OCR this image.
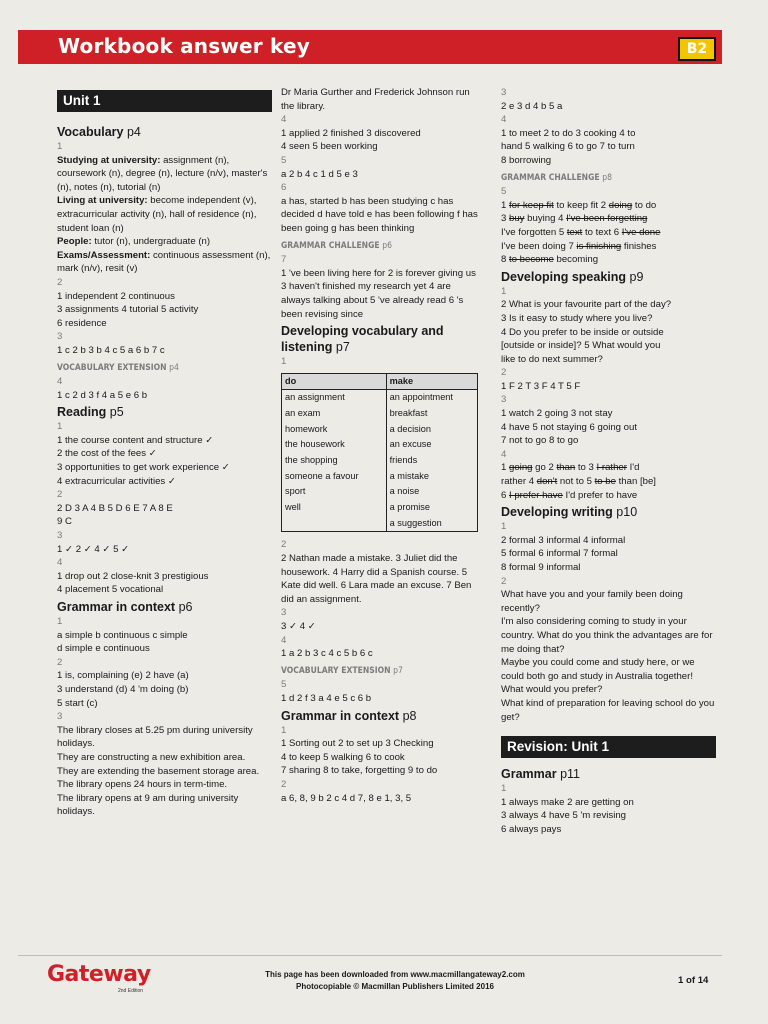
Workbook answer key	B2
Unit 1
Vocabulary p4
1
Studying at university: assignment (n), coursework (n), degree (n), lecture (n/v), master's (n), notes (n), tutorial (n)
Living at university: become independent (v), extracurricular activity (n), hall of residence (n), student loan (n)
People: tutor (n), undergraduate (n)
Exams/Assessment: continuous assessment (n), mark (n/v), resit (v)
2
1 independent 2 continuous
3 assignments 4 tutorial 5 activity
6 residence
3
1 c 2 b 3 b 4 c 5 a 6 b 7 c
VOCABULARY EXTENSION p4
4
1 c 2 d 3 f 4 a 5 e 6 b
Reading p5
1
1 the course content and structure ✓
2 the cost of the fees ✓
3 opportunities to get work experience ✓
4 extracurricular activities ✓
2
2 D 3 A 4 B 5 D 6 E 7 A 8 E
9 C
3
1 ✓ 2 ✓ 4 ✓ 5 ✓
4
1 drop out 2 close-knit 3 prestigious
4 placement 5 vocational
Grammar in context p6
1
a simple b continuous c simple
d simple e continuous
2
1 is, complaining (e) 2 have (a)
3 understand (d) 4 'm doing (b)
5 start (c)
3
The library closes at 5.25 pm during university holidays.
They are constructing a new exhibition area.
They are extending the basement storage area.
The library opens 24 hours in term-time.
The library opens at 9 am during university holidays.
Dr Maria Gurther and Frederick Johnson run the library.
4
1 applied 2 finished 3 discovered
4 seen 5 been working
5
a 2 b 4 c 1 d 5 e 3
6
a has, started b has been studying c has decided d have told e has been following f has been going g has been thinking
GRAMMAR CHALLENGE p6
7
1 've been living here for 2 is forever giving us 3 haven't finished my research yet 4 are always talking about 5 've already read 6 's been revising since
Developing vocabulary and listening p7
1
do	make
an assignment	an appointment
an exam	breakfast
homework	a decision
the housework	an excuse
the shopping	friends
someone a favour	a mistake
sport	a noise
well	a promise
	a suggestion
2
2 Nathan made a mistake. 3 Juliet did the housework. 4 Harry did a Spanish course. 5 Kate did well. 6 Lara made an excuse. 7 Ben did an assignment.
3
3 ✓ 4 ✓
4
1 a 2 b 3 c 4 c 5 b 6 c
VOCABULARY EXTENSION p7
5
1 d 2 f 3 a 4 e 5 c 6 b
Grammar in context p8
1
1 Sorting out 2 to set up 3 Checking
4 to keep 5 walking 6 to cook
7 sharing 8 to take, forgetting 9 to do
2
a 6, 8, 9 b 2 c 4 d 7, 8 e 1, 3, 5
3
2 e 3 d 4 b 5 a
4
1 to meet 2 to do 3 cooking 4 to
hand 5 walking 6 to go 7 to turn
8 borrowing
GRAMMAR CHALLENGE p8
5
1 for keep fit to keep fit 2 doing to do
3 buy buying 4 I've been forgetting
I've forgotten 5 text to text 6 I've done
I've been doing 7 is finishing finishes
8 to become becoming
Developing speaking p9
1
2 What is your favourite part of the day?
3 Is it easy to study where you live?
4 Do you prefer to be inside or outside
[outside or inside]? 5 What would you
like to do next summer?
2
1 F 2 T 3 F 4 T 5 F
3
1 watch 2 going 3 not stay
4 have 5 not staying 6 going out
7 not to go 8 to go
4
1 going go 2 than to 3 I rather I'd
rather 4 don't not to 5 to be than [be]
6 I prefer have I'd prefer to have
Developing writing p10
1
2 formal 3 informal 4 informal
5 formal 6 informal 7 formal
8 formal 9 informal
2
What have you and your family been doing recently?
I'm also considering coming to study in your country. What do you think the advantages are for me doing that?
Maybe you could come and study here, or we could both go and study in Australia together! What would you prefer?
What kind of preparation for leaving school do you get?
Revision: Unit 1
Grammar p11
1
1 always make 2 are getting on
3 always 4 have 5 'm revising
6 always pays
Gateway
2nd Edition
This page has been downloaded from www.macmillangateway2.com
Photocopiable © Macmillan Publishers Limited 2016
1 of 14
